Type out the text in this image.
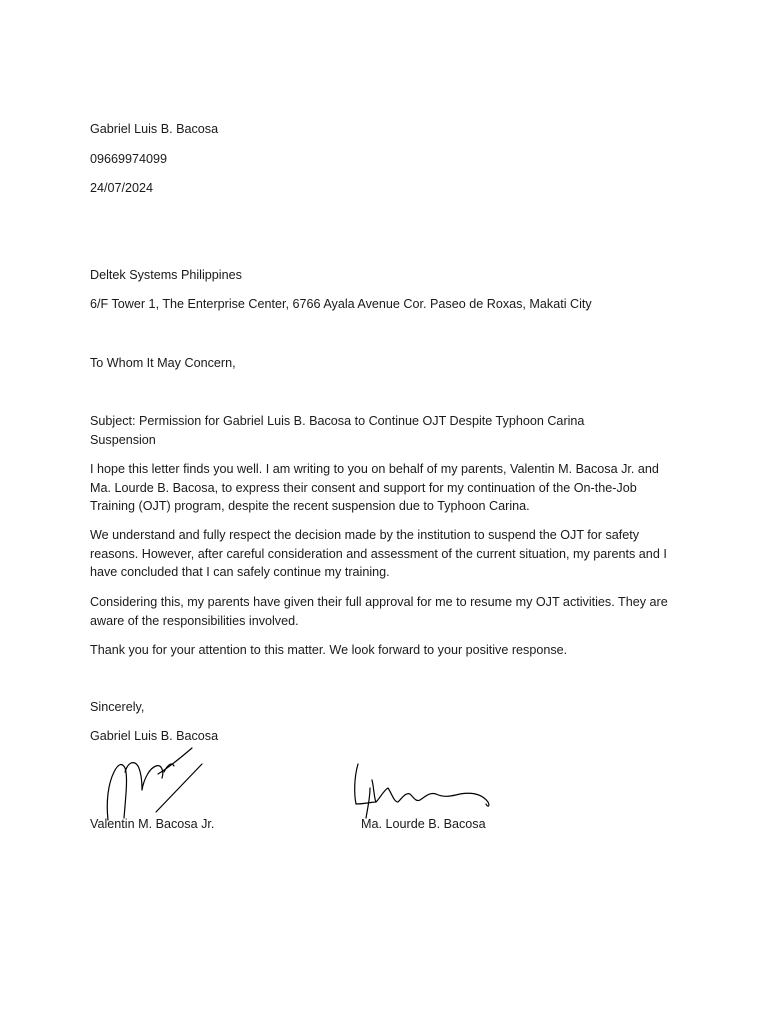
Gabriel Luis B. Bacosa

09669974099

24/07/2024

Deltek Systems Philippines

6/F Tower 1, The Enterprise Center, 6766 Ayala Avenue Cor. Paseo de Roxas, Makati City

To Whom It May Concern,

Subject: Permission for Gabriel Luis B. Bacosa to Continue OJT Despite Typhoon Carina Suspension

I hope this letter finds you well. I am writing to you on behalf of my parents, Valentin M. Bacosa Jr. and Ma. Lourde B. Bacosa, to express their consent and support for my continuation of the On-the-Job Training (OJT) program, despite the recent suspension due to Typhoon Carina.

We understand and fully respect the decision made by the institution to suspend the OJT for safety reasons. However, after careful consideration and assessment of the current situation, my parents and I have concluded that I can safely continue my training.

Considering this, my parents have given their full approval for me to resume my OJT activities. They are aware of the responsibilities involved.

Thank you for your attention to this matter. We look forward to your positive response.

Sincerely,

Gabriel Luis B. Bacosa

Valentin M. Bacosa Jr.	Ma. Lourde B. Bacosa
